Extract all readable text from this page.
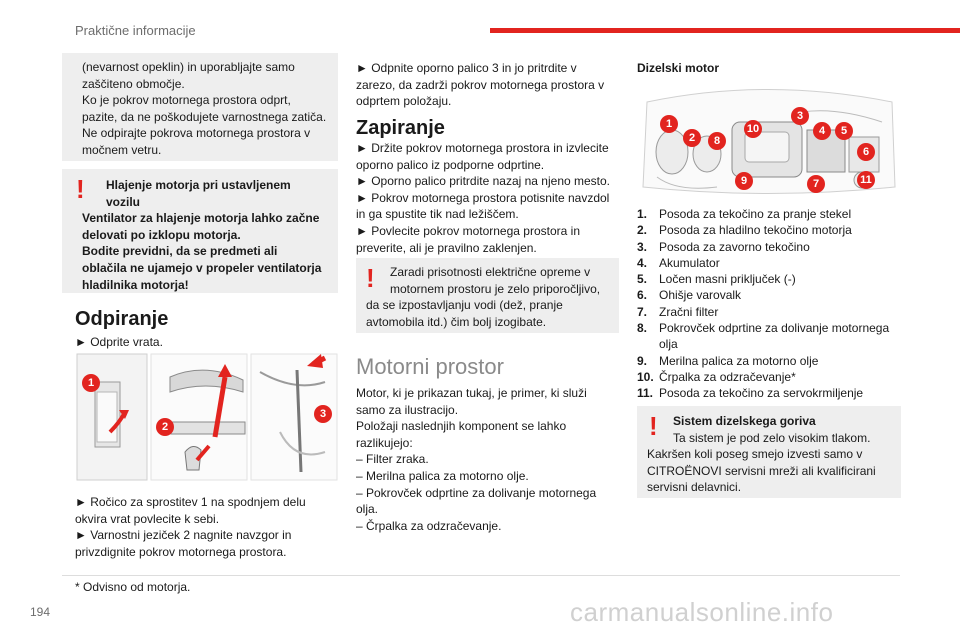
Praktične informacije

(nevarnost opeklin) in uporabljajte samo

zaščiteno območje.

Ko je pokrov motornega prostora odprt,

pazite, da ne poškodujete varnostnega zatiča.

Ne odpirajte pokrova motornega prostora v

močnem vetru.

!	Hlajenje motorja pri ustavljenem

vozilu

Ventilator za hlajenje motorja lahko začne

delovati po izklopu motorja.

Bodite previdni, da se predmeti ali

oblačila ne ujamejo v propeler ventilatorja

hladilnika motorja!

Odpiranje
► Odprite vrata.
1
2
3

► Ročico za sprostitev 1 na spodnjem delu

okvira vrat povlecite k sebi.

► Varnostni jeziček 2 nagnite navzgor in

privzdignite pokrov motornega prostora.

► Odpnite oporno palico 3 in jo pritrdite v

zarezo, da zadrži pokrov motornega prostora v

odprtem položaju.

Zapiranje

► Držite pokrov motornega prostora in izvlecite

oporno palico iz podporne odprtine.

► Oporno palico pritrdite nazaj na njeno mesto.

► Pokrov motornega prostora potisnite navzdol

in ga spustite tik nad ležiščem.

► Povlecite pokrov motornega prostora in

preverite, ali je pravilno zaklenjen.

!	Zaradi prisotnosti električne opreme v

motornem prostoru je zelo priporočljivo,

da se izpostavljanju vodi (dež, pranje

avtomobila itd.) čim bolj izogibate.

Motorni prostor

Motor, ki je prikazan tukaj, je primer, ki služi

samo za ilustracijo.

Položaji naslednjih komponent se lahko

razlikujejo:

– Filter zraka.

– Merilna palica za motorno olje.

– Pokrovček odprtine za dolivanje motornega

olja.

– Črpalka za odzračevanje.

Dizelski motor
1
2
3
4	5
6
7
8
9
10
11
1. Posoda za tekočino za pranje stekel
2. Posoda za hladilno tekočino motorja
3. Posoda za zavorno tekočino
4. Akumulator
5. Ločen masni priključek (-)
6. Ohišje varovalk
7. Zračni filter
8. Pokrovček odprtine za dolivanje motornega
olja
9. Merilna palica za motorno olje
10. Črpalka za odzračevanje*
11. Posoda za tekočino za servokrmiljenje
!	Sistem dizelskega goriva

Ta sistem je pod zelo visokim tlakom.

Kakršen koli poseg smejo izvesti samo v

CITROËNOVI servisni mreži ali kvalificirani

servisni delavnici.

* Odvisno od motorja.
194	carmanualsonline.info
